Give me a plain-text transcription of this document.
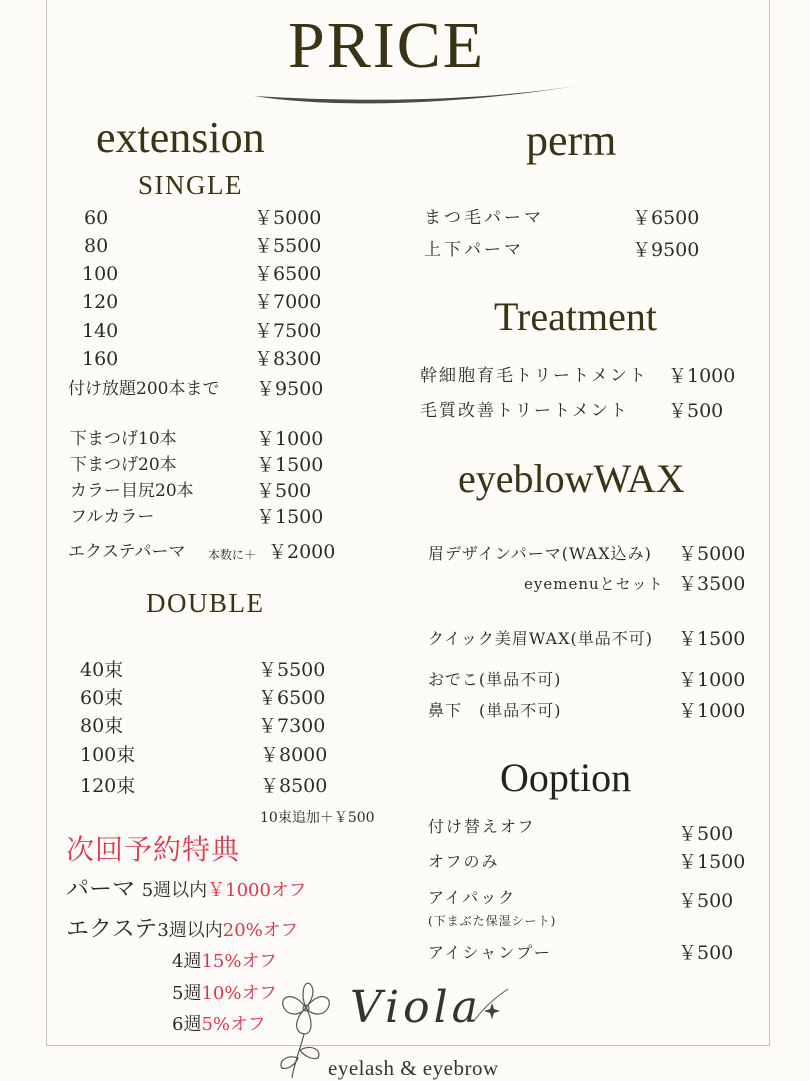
PRICE
extension
SINGLE
60	￥5000
80	￥5500
100	￥6500
120	￥7000
140	￥7500
160	￥8300
付け放題200本まで ￥9500
下まつげ10本	￥1000
下まつげ20本	￥1500
カラー目尻20本	￥500
フルカラー	￥1500
エクステパーマ 本数に＋ ￥2000
DOUBLE
40束	￥5500
60束	￥6500
80束	￥7300
100束	￥8000
120束	￥8500
10束追加＋￥500
次回予約特典
パーマ 5週以内￥1000オフ
エクステ3週以内20%オフ
4週15%オフ
5週10%オフ
6週5%オフ
perm
まつ毛パーマ	￥6500
上下パーマ	￥9500
Treatment
幹細胞育毛トリートメント ￥1000
毛質改善トリートメント ￥500
eyeblowWAX
眉デザインパーマ(WAX込み) ￥5000
eyemenuとセット ￥3500
クイック美眉WAX(単品不可) ￥1500
おでこ(単品不可)	￥1000
鼻下　(単品不可)	￥1000
Ooption
付け替えオフ	￥500
オフのみ	￥1500
アイパック	￥500
(下まぶた保湿シート)
アイシャンプー	￥500
Viola
eyelash & eyebrow
